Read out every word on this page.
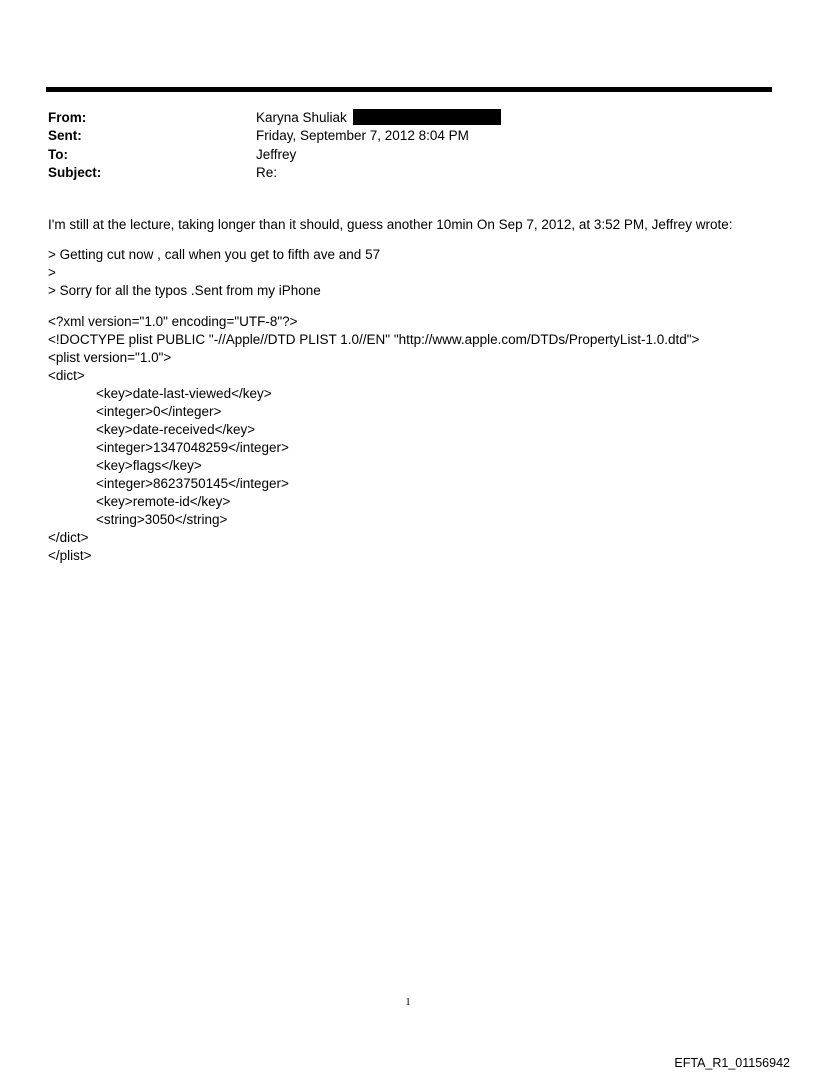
From:	Karyna Shuliak
Sent:	Friday, September 7, 2012 8:04 PM
To:	Jeffrey
Subject:	Re:
I'm still at the lecture, taking longer than it should, guess another 10min On Sep 7, 2012, at 3:52 PM, Jeffrey wrote:
> Getting cut now , call when you get to fifth ave and 57
>
> Sorry for all the typos .Sent from my iPhone
<?xml version="1.0" encoding="UTF-8"?>
<!DOCTYPE plist PUBLIC "-//Apple//DTD PLIST 1.0//EN" "http://www.apple.com/DTDs/PropertyList-1.0.dtd">
<plist version="1.0">
<dict>
<key>date-last-viewed</key>
<integer>0</integer>
<key>date-received</key>
<integer>1347048259</integer>
<key>flags</key>
<integer>8623750145</integer>
<key>remote-id</key>
<string>3050</string>
</dict>
</plist>
1
EFTA_R1_01156942
